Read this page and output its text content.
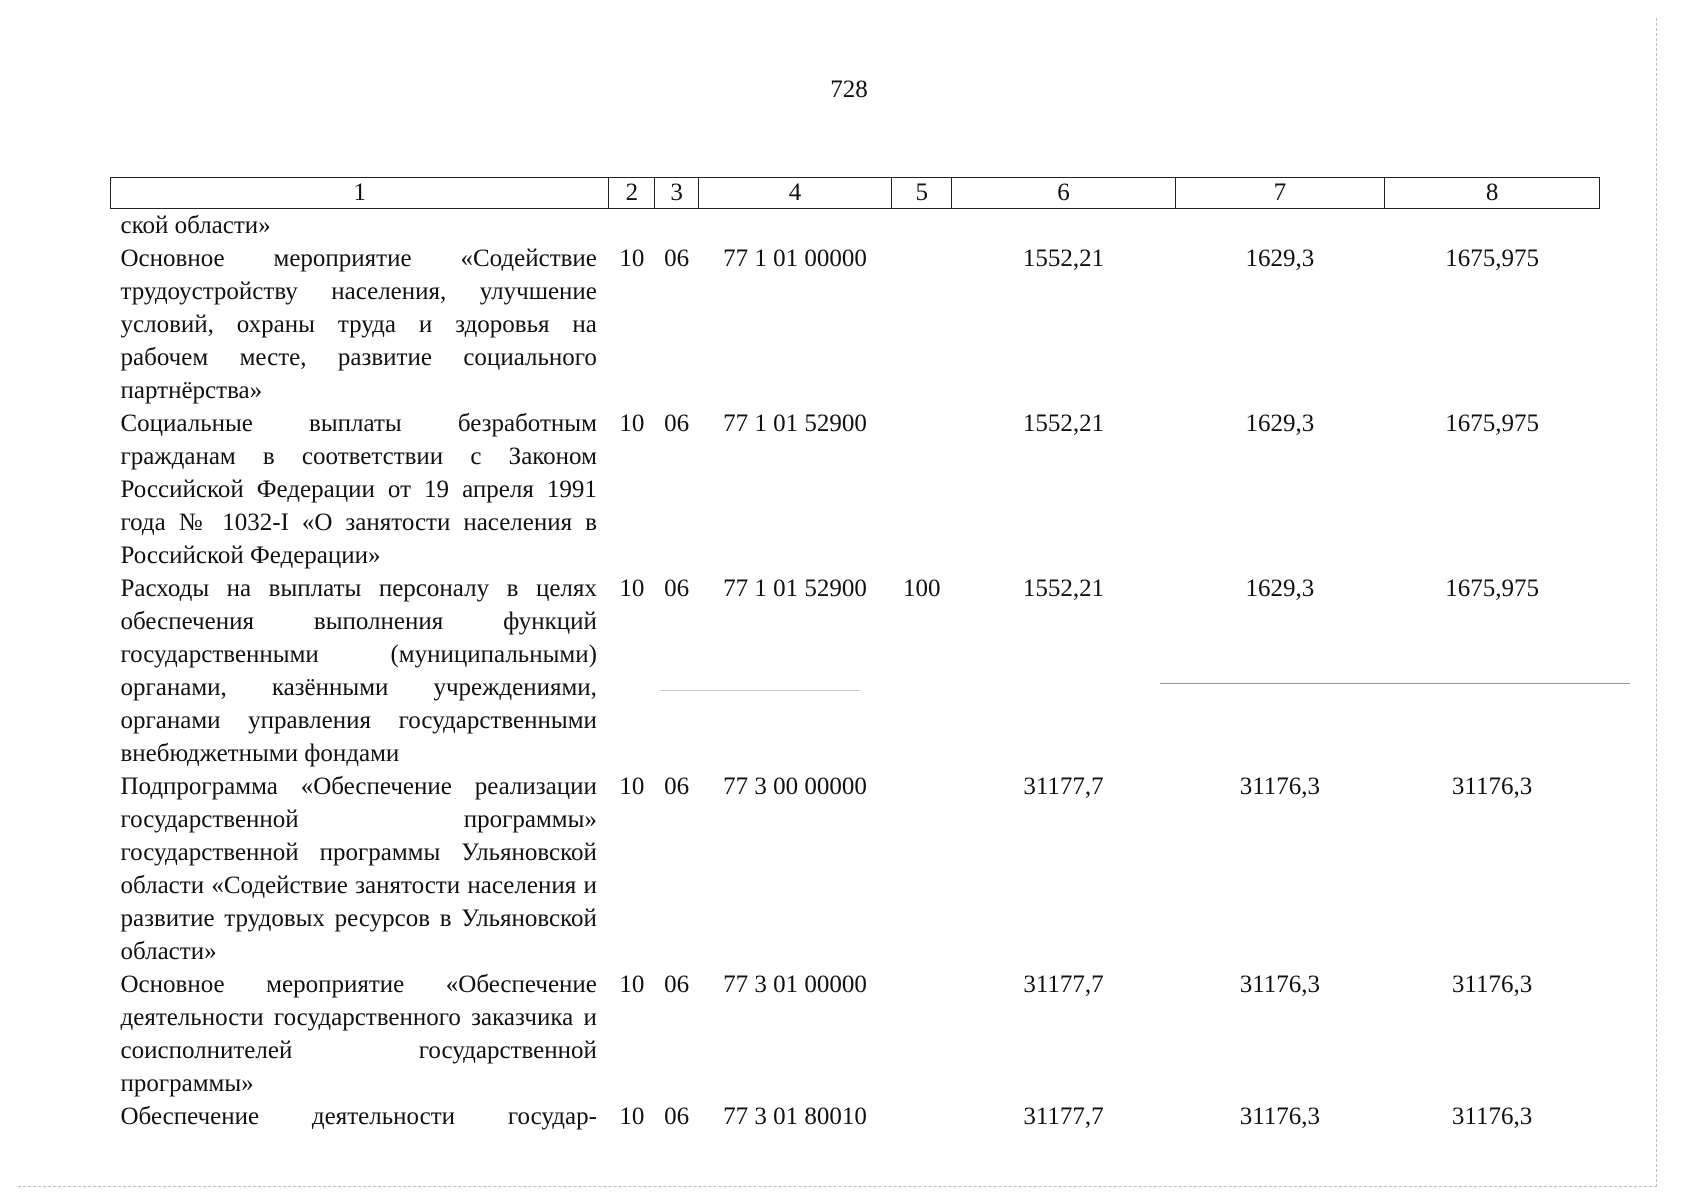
728
1	2	3	4	5	6	7	8
ской области»							
Основное мероприятие «Содействие трудоустройству населения, улучшение условий, охраны труда и здоровья на рабочем месте, развитие социального партнёрства»	10	06	77 1 01 00000		1552,21	1629,3	1675,975
Социальные выплаты безработным гражданам в соответствии с Законом Российской Федерации от 19 апреля 1991 года № 1032-I «О занятости населения в Российской Федерации»	10	06	77 1 01 52900		1552,21	1629,3	1675,975
Расходы на выплаты персоналу в целях обеспечения выполнения функций государственными (муниципальными) органами, казёнными учреждениями, органами управления государственными внебюджетными фондами	10	06	77 1 01 52900	100	1552,21	1629,3	1675,975
Подпрограмма «Обеспечение реализации государственной программы» государственной программы Ульяновской области «Содействие занятости населения и развитие трудовых ресурсов в Ульяновской области»	10	06	77 3 00 00000		31177,7	31176,3	31176,3
Основное мероприятие «Обеспечение деятельности государственного заказчика и соисполнителей государственной программы»	10	06	77 3 01 00000		31177,7	31176,3	31176,3
Обеспечение деятельности государ-	10	06	77 3 01 80010		31177,7	31176,3	31176,3
